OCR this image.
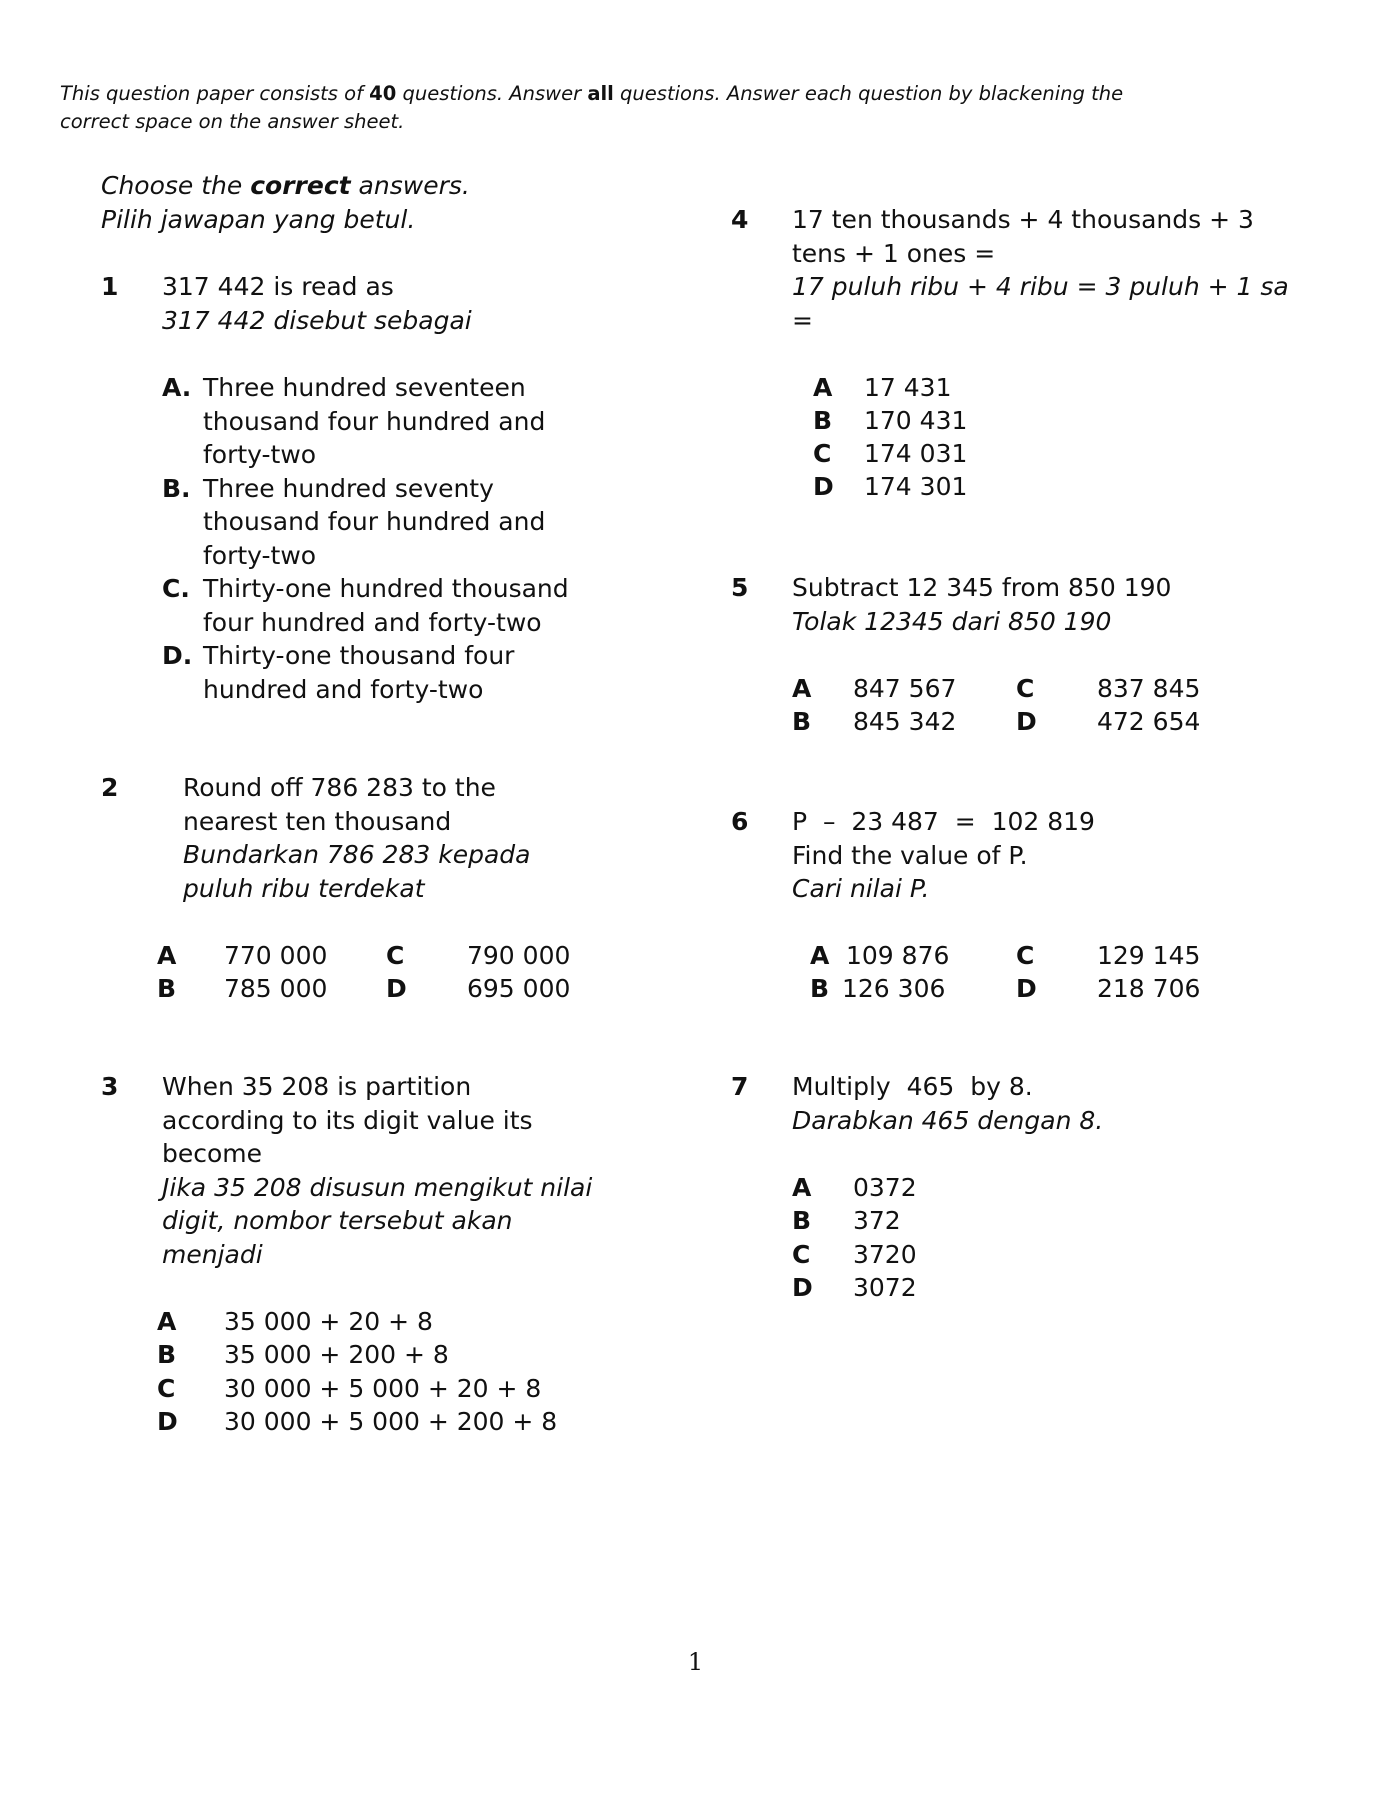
This question paper consists of 40 questions. Answer all questions. Answer each question by blackening the
correct space on the answer sheet.
Choose the correct answers.
Pilih jawapan yang betul.
1 317 442 is read as
317 442 disebut sebagai
A. Three hundred seventeen
thousand four hundred and
forty-two
B. Three hundred seventy
thousand four hundred and
forty-two
C. Thirty-one hundred thousand
four hundred and forty-two
D. Thirty-one thousand four
hundred and forty-two
2	Round off 786 283 to the
nearest ten thousand
Bundarkan 786 283 kepada
puluh ribu terdekat
A 770 000 C	790 000
B 785 000 D 695 000
3 When 35 208 is partition
according to its digit value its
become
Jika 35 208 disusun mengikut nilai
digit, nombor tersebut akan
menjadi
A 35 000 + 20 + 8
B 35 000 + 200 + 8
C 30 000 + 5 000 + 20 + 8
D 30 000 + 5 000 + 200 + 8
4 17 ten thousands + 4 thousands + 3
tens + 1 ones =
17 puluh ribu + 4 ribu = 3 puluh + 1 sa
=
A 17 431
B 170 431
C 174 031
D 174 301
5 Subtract 12 345 from 850 190
Tolak 12345 dari 850 190
A 847 567 C	837 845
B 845 342 D 472 654
6 P  –  23 487  =  102 819
Find the value of P.
Cari nilai P.
A 109 876	C	129 145
B 126 306	D 218 706
7 Multiply  465  by 8.
Darabkan 465 dengan 8.
A 0372
B 372
C 3720
D 3072
1
